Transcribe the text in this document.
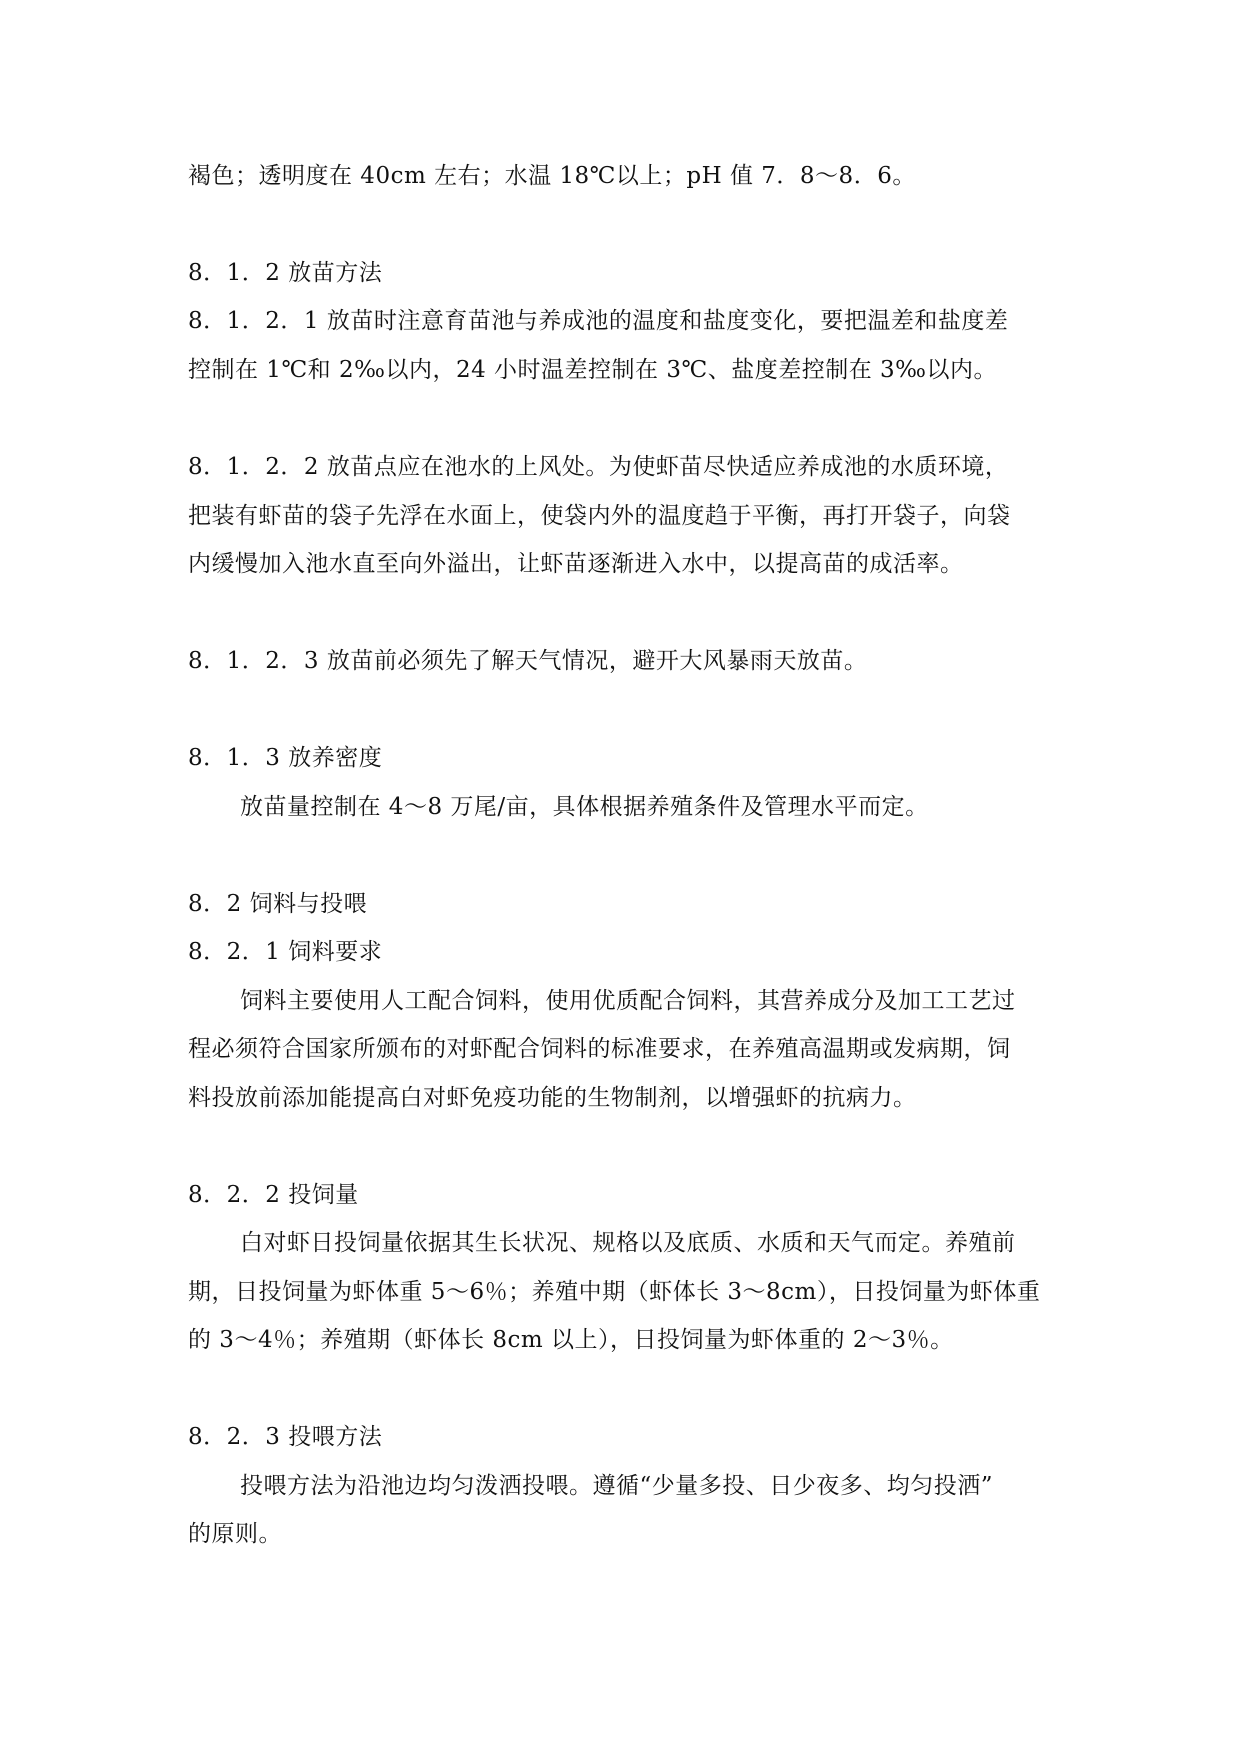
褐色；透明度在 40cm 左右；水温 18℃以上；pH 值 7．8～8．6。
8．1．2 放苗方法
8．1．2．1 放苗时注意育苗池与养成池的温度和盐度变化，要把温差和盐度差
控制在 1℃和 2‰以内，24 小时温差控制在 3℃、盐度差控制在 3‰以内。
8．1．2．2 放苗点应在池水的上风处。为使虾苗尽快适应养成池的水质环境，
把装有虾苗的袋子先浮在水面上，使袋内外的温度趋于平衡，再打开袋子，向袋
内缓慢加入池水直至向外溢出，让虾苗逐渐进入水中，以提高苗的成活率。
8．1．2．3 放苗前必须先了解天气情况，避开大风暴雨天放苗。
8．1．3 放养密度
放苗量控制在 4～8 万尾/亩，具体根据养殖条件及管理水平而定。
8．2 饲料与投喂
8．2．1 饲料要求
饲料主要使用人工配合饲料，使用优质配合饲料，其营养成分及加工工艺过
程必须符合国家所颁布的对虾配合饲料的标准要求，在养殖高温期或发病期，饲
料投放前添加能提高白对虾免疫功能的生物制剂，以增强虾的抗病力。
8．2．2 投饲量
白对虾日投饲量依据其生长状况、规格以及底质、水质和天气而定。养殖前
期，日投饲量为虾体重 5～6％；养殖中期（虾体长 3～8cm），日投饲量为虾体重
的 3～4％；养殖期（虾体长 8cm 以上），日投饲量为虾体重的 2～3％。
8．2．3 投喂方法
投喂方法为沿池边均匀泼洒投喂。遵循“少量多投、日少夜多、均匀投洒”
的原则。
